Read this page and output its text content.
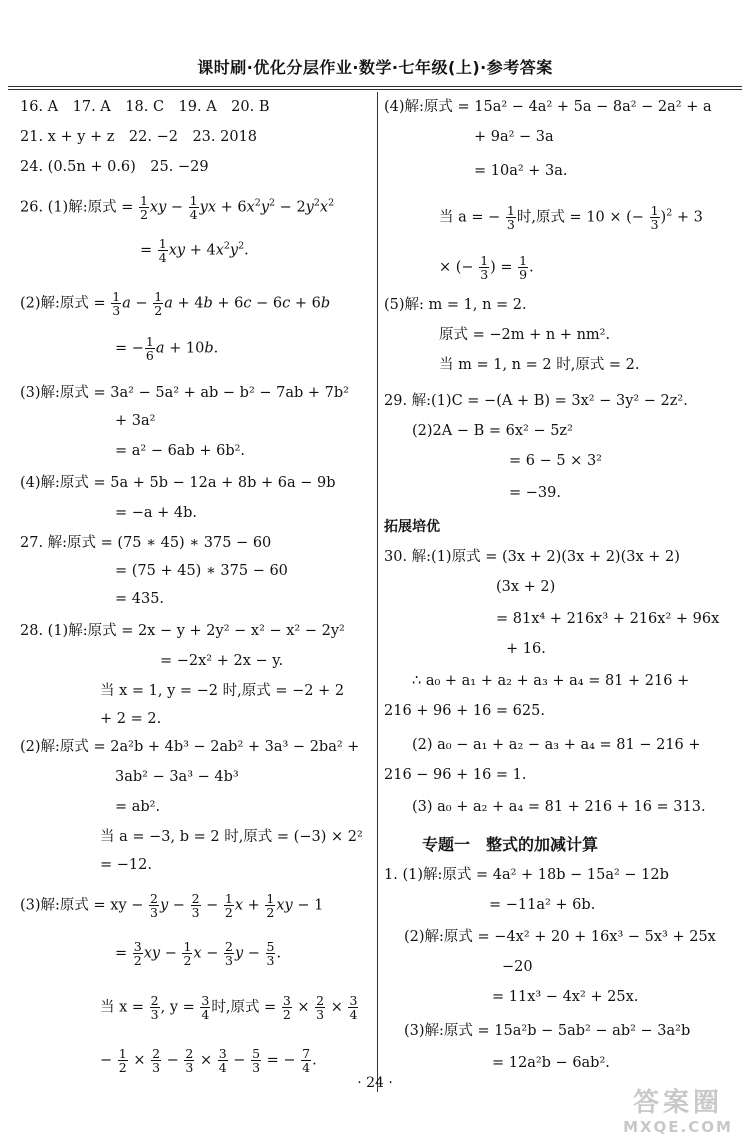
课时刷·优化分层作业·数学·七年级(上)·参考答案
16. A　17. A　18. C　19. A　20. B
21. x + y + z　22. −2　23. 2018
24. (0.5n + 0.6)　25. −29
26. (1)解:原式 = $\frac{1}{2}$ xy − $\frac{1}{4}$ yx + $6x^2y^2 - 2y^2x^2$
= $\frac{1}{4}$ xy + $4x^2y^2$.
(2)解:原式 = $\frac{1}{3}$ $a - \frac{1}{2}$ a + 4b + 6c − 6c + 6b
= − $\frac{1}{6}$ a + 10b.
(3)解:原式 = 3a² − 5a² + ab − b² − 7ab + 7b²
+ 3a²
= a² − 6ab + 6b².
(4)解:原式 = 5a + 5b − 12a + 8b + 6a − 9b
= −a + 4b.
27. 解:原式 = (75 ∗ 45) ∗ 375 − 60
= (75 + 45) ∗ 375 − 60
= 435.
28. (1)解:原式 = 2x − y + 2y² − x² − x² − 2y²
= −2x² + 2x − y.
当 x = 1, y = −2 时,原式 = −2 + 2
+ 2 = 2.
(2)解:原式 = 2a²b + 4b³ − 2ab² + 3a³ − 2ba² +
3ab² − 3a³ − 4b³
= ab².
当 a = −3, b = 2 时,原式 = (−3) × 2²
= −12.
(3)解:原式 = xy − $\frac{2}{3}$ $y - \frac{2}{3} - \frac{1}{2}$ $x + \frac{1}{2}$ xy − 1
= $\frac{3}{2}$ xy − $\frac{1}{2}$ $x - \frac{2}{3}$ $y - \frac{5}{3}$ .
当 $x = \frac{2}{3}$ , $y = \frac{3}{4}$ 时,原式 = $\frac{3}{2} \times \frac{2}{3} \times \frac{3}{4}$
− $\frac{1}{2} \times \frac{2}{3} - \frac{2}{3} \times \frac{3}{4} - \frac{5}{3}$ = − $\frac{7}{4}$ .
(4)解:原式 = 15a² − 4a² + 5a − 8a² − 2a² + a
+ 9a² − 3a
= 10a² + 3a.
当 a = − $\frac{1}{3}$ 时,原式 = 10 × (− $\frac{1}{3} )^2 + 3$
× (− $\frac{1}{3}$ ) = $\frac{1}{9}$ .
(5)解: m = 1, n = 2.
原式 = −2m + n + nm².
当 m = 1, n = 2 时,原式 = 2.
29. 解:(1)C = −(A + B) = 3x² − 3y² − 2z².
(2)2A − B = 6x² − 5z²
= 6 − 5 × 3²
= −39.
拓展培优
30. 解:(1)原式 = (3x + 2)(3x + 2)(3x + 2)
(3x + 2)
= 81x⁴ + 216x³ + 216x² + 96x
+ 16.
∴ a₀ + a₁ + a₂ + a₃ + a₄ = 81 + 216 +
216 + 96 + 16 = 625.
(2) a₀ − a₁ + a₂ − a₃ + a₄ = 81 − 216 +
216 − 96 + 16 = 1.
(3) a₀ + a₂ + a₄ = 81 + 216 + 16 = 313.
专题一　整式的加减计算
1. (1)解:原式 = 4a² + 18b − 15a² − 12b
= −11a² + 6b.
(2)解:原式 = −4x² + 20 + 16x³ − 5x³ + 25x
−20
= 11x³ − 4x² + 25x.
(3)解:原式 = 15a²b − 5ab² − ab² − 3a²b
= 12a²b − 6ab².
· 24 ·
答案圈
MXQE.COM
